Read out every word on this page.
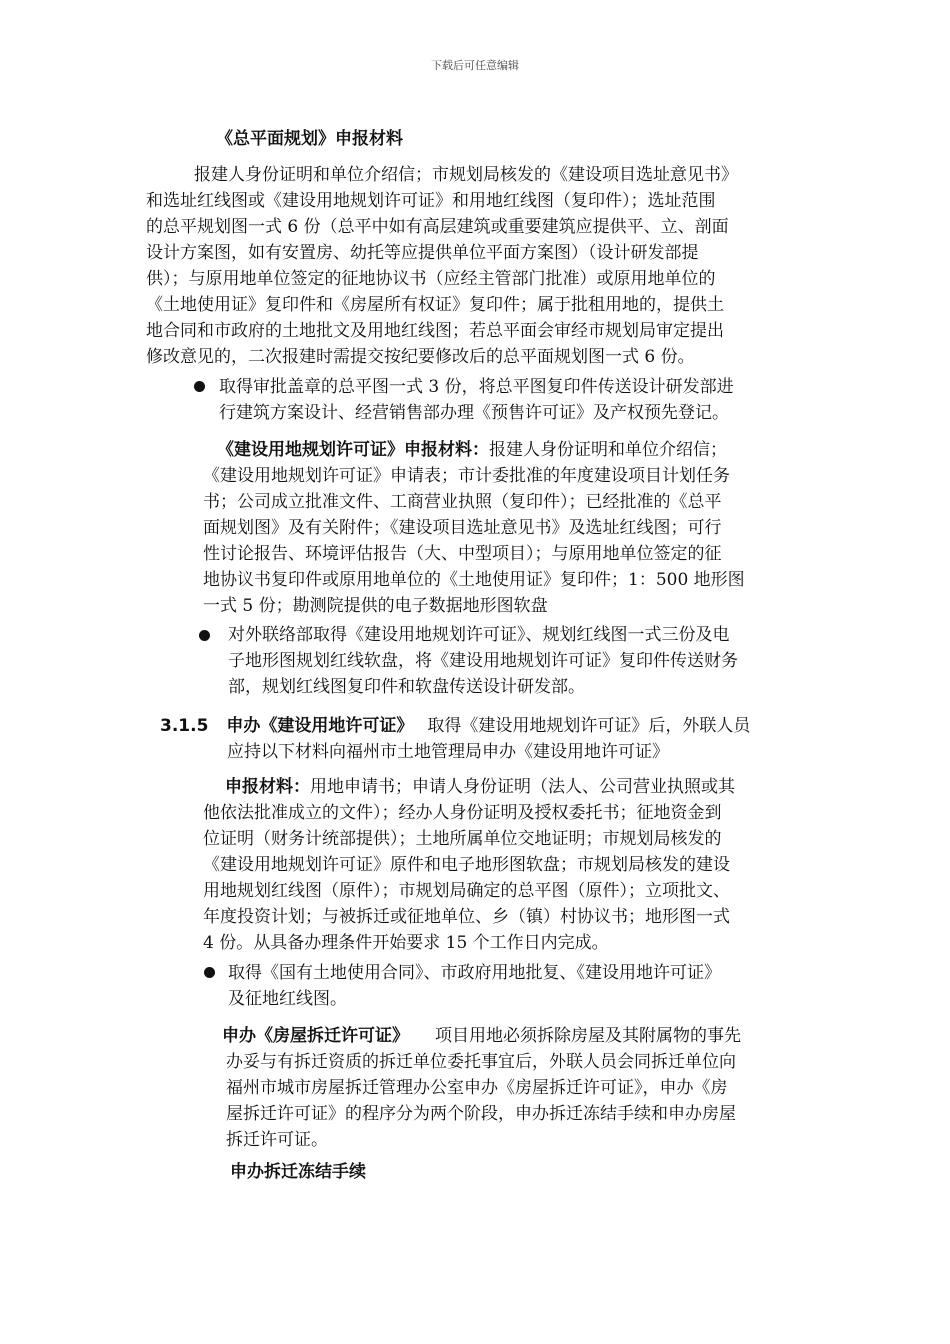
下载后可任意编辑
《总平面规划》申报材料

报建人身份证明和单位介绍信；市规划局核发的《建设项目选址意见书》

和选址红线图或《建设用地规划许可证》和用地红线图（复印件）；选址范围

的总平规划图一式 6 份（总平中如有高层建筑或重要建筑应提供平、立、剖面

设计方案图，如有安置房、幼托等应提供单位平面方案图）（设计研发部提

供）；与原用地单位签定的征地协议书（应经主管部门批准）或原用地单位的

《土地使用证》复印件和《房屋所有权证》复印件；属于批租用地的，提供土

地合同和市政府的土地批文及用地红线图；若总平面会审经市规划局审定提出

修改意见的，二次报建时需提交按纪要修改后的总平面规划图一式 6 份。

取得审批盖章的总平图一式 3 份，将总平图复印件传送设计研发部进

行建筑方案设计、经营销售部办理《预售许可证》及产权预先登记。

《建设用地规划许可证》申报材料：报建人身份证明和单位介绍信；

《建设用地规划许可证》申请表；市计委批准的年度建设项目计划任务

书；公司成立批准文件、工商营业执照（复印件）；已经批准的《总平

面规划图》及有关附件；《建设项目选址意见书》及选址红线图；可行

性讨论报告、环境评估报告（大、中型项目）；与原用地单位签定的征

地协议书复印件或原用地单位的《土地使用证》复印件；1：500 地形图

一式 5 份；勘测院提供的电子数据地形图软盘

对外联络部取得《建设用地规划许可证》、规划红线图一式三份及电

子地形图规划红线软盘，将《建设用地规划许可证》复印件传送财务

部，规划红线图复印件和软盘传送设计研发部。

3.1.5 申办《建设用地许可证》 取得《建设用地规划许可证》后，外联人员

应持以下材料向福州市土地管理局申办《建设用地许可证》

申报材料：用地申请书；申请人身份证明（法人、公司营业执照或其

他依法批准成立的文件）；经办人身份证明及授权委托书；征地资金到

位证明（财务计统部提供）；土地所属单位交地证明；市规划局核发的

《建设用地规划许可证》原件和电子地形图软盘；市规划局核发的建设

用地规划红线图（原件）；市规划局确定的总平图（原件）；立项批文、

年度投资计划；与被拆迁或征地单位、乡（镇）村协议书；地形图一式

4 份。从具备办理条件开始要求 15 个工作日内完成。

取得《国有土地使用合同》、市政府用地批复、《建设用地许可证》

及征地红线图。

申办《房屋拆迁许可证》 项目用地必须拆除房屋及其附属物的事先

办妥与有拆迁资质的拆迁单位委托事宜后，外联人员会同拆迁单位向

福州市城市房屋拆迁管理办公室申办《房屋拆迁许可证》，申办《房

屋拆迁许可证》的程序分为两个阶段，申办拆迁冻结手续和申办房屋

拆迁许可证。

申办拆迁冻结手续
